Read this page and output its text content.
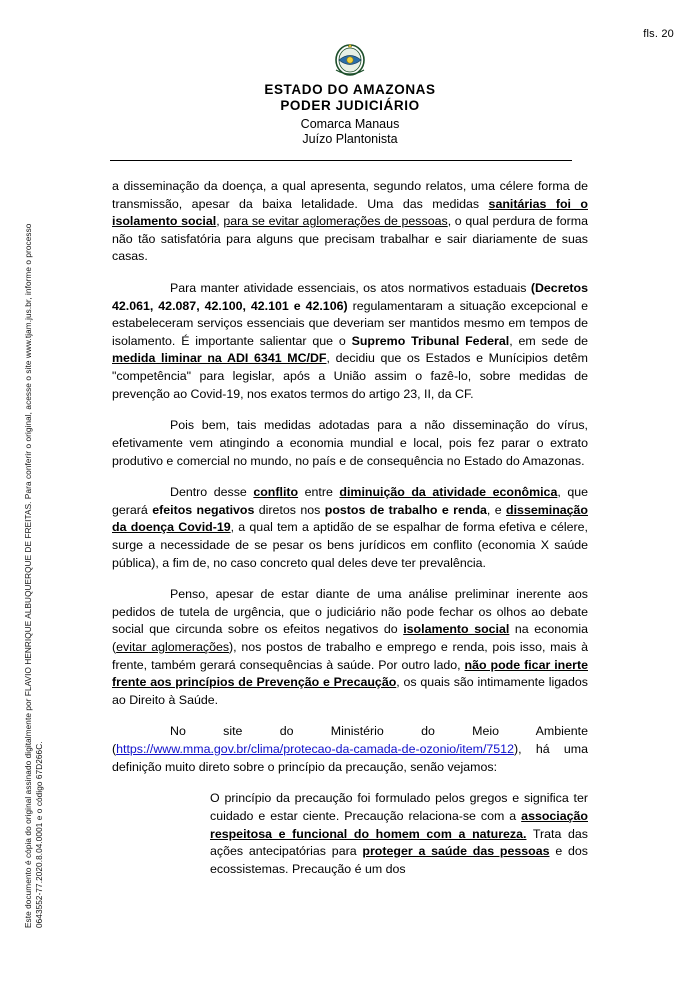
fls. 20
Este documento é cópia do original assinado digitalmente por FLAVIO HENRIQUE ALBUQUERQUE DE FREITAS. Para conferir o original, acesse o site www.tjam.jus.br, informe o processo 0643552-77.2020.8.04.0001 e o código 67D266C.
ESTADO DO AMAZONAS
PODER JUDICIÁRIO
Comarca Manaus
Juízo Plantonista

a disseminação da doença, a qual apresenta, segundo relatos, uma célere forma de transmissão, apesar da baixa letalidade. Uma das medidas sanitárias foi o isolamento social, para se evitar aglomerações de pessoas, o qual perdura de forma não tão satisfatória para alguns que precisam trabalhar e sair diariamente de suas casas.

Para manter atividade essenciais, os atos normativos estaduais (Decretos 42.061, 42.087, 42.100, 42.101 e 42.106) regulamentaram a situação excepcional e estabeleceram serviços essenciais que deveriam ser mantidos mesmo em tempos de isolamento. É importante salientar que o Supremo Tribunal Federal, em sede de medida liminar na ADI 6341 MC/DF, decidiu que os Estados e Munícipios detêm "competência" para legislar, após a União assim o fazê-lo, sobre medidas de prevenção ao Covid-19, nos exatos termos do artigo 23, II, da CF.

Pois bem, tais medidas adotadas para a não disseminação do vírus, efetivamente vem atingindo a economia mundial e local, pois fez parar o extrato produtivo e comercial no mundo, no país e de consequência no Estado do Amazonas.

Dentro desse conflito entre diminuição da atividade econômica, que gerará efeitos negativos diretos nos postos de trabalho e renda, e disseminação da doença Covid-19, a qual tem a aptidão de se espalhar de forma efetiva e célere, surge a necessidade de se pesar os bens jurídicos em conflito (economia X saúde pública), a fim de, no caso concreto qual deles deve ter prevalência.

Penso, apesar de estar diante de uma análise preliminar inerente aos pedidos de tutela de urgência, que o judiciário não pode fechar os olhos ao debate social que circunda sobre os efeitos negativos do isolamento social na economia (evitar aglomerações), nos postos de trabalho e emprego e renda, pois isso, mais à frente, também gerará consequências à saúde. Por outro lado, não pode ficar inerte frente aos princípios de Prevenção e Precaução, os quais são intimamente ligados ao Direito à Saúde.

No site do Ministério do Meio Ambiente (https://www.mma.gov.br/clima/protecao-da-camada-de-ozonio/item/7512), há uma definição muito direto sobre o princípio da precaução, senão vejamos:

O princípio da precaução foi formulado pelos gregos e significa ter cuidado e estar ciente. Precaução relaciona-se com a associação respeitosa e funcional do homem com a natureza. Trata das ações antecipatórias para proteger a saúde das pessoas e dos ecossistemas. Precaução é um dos
